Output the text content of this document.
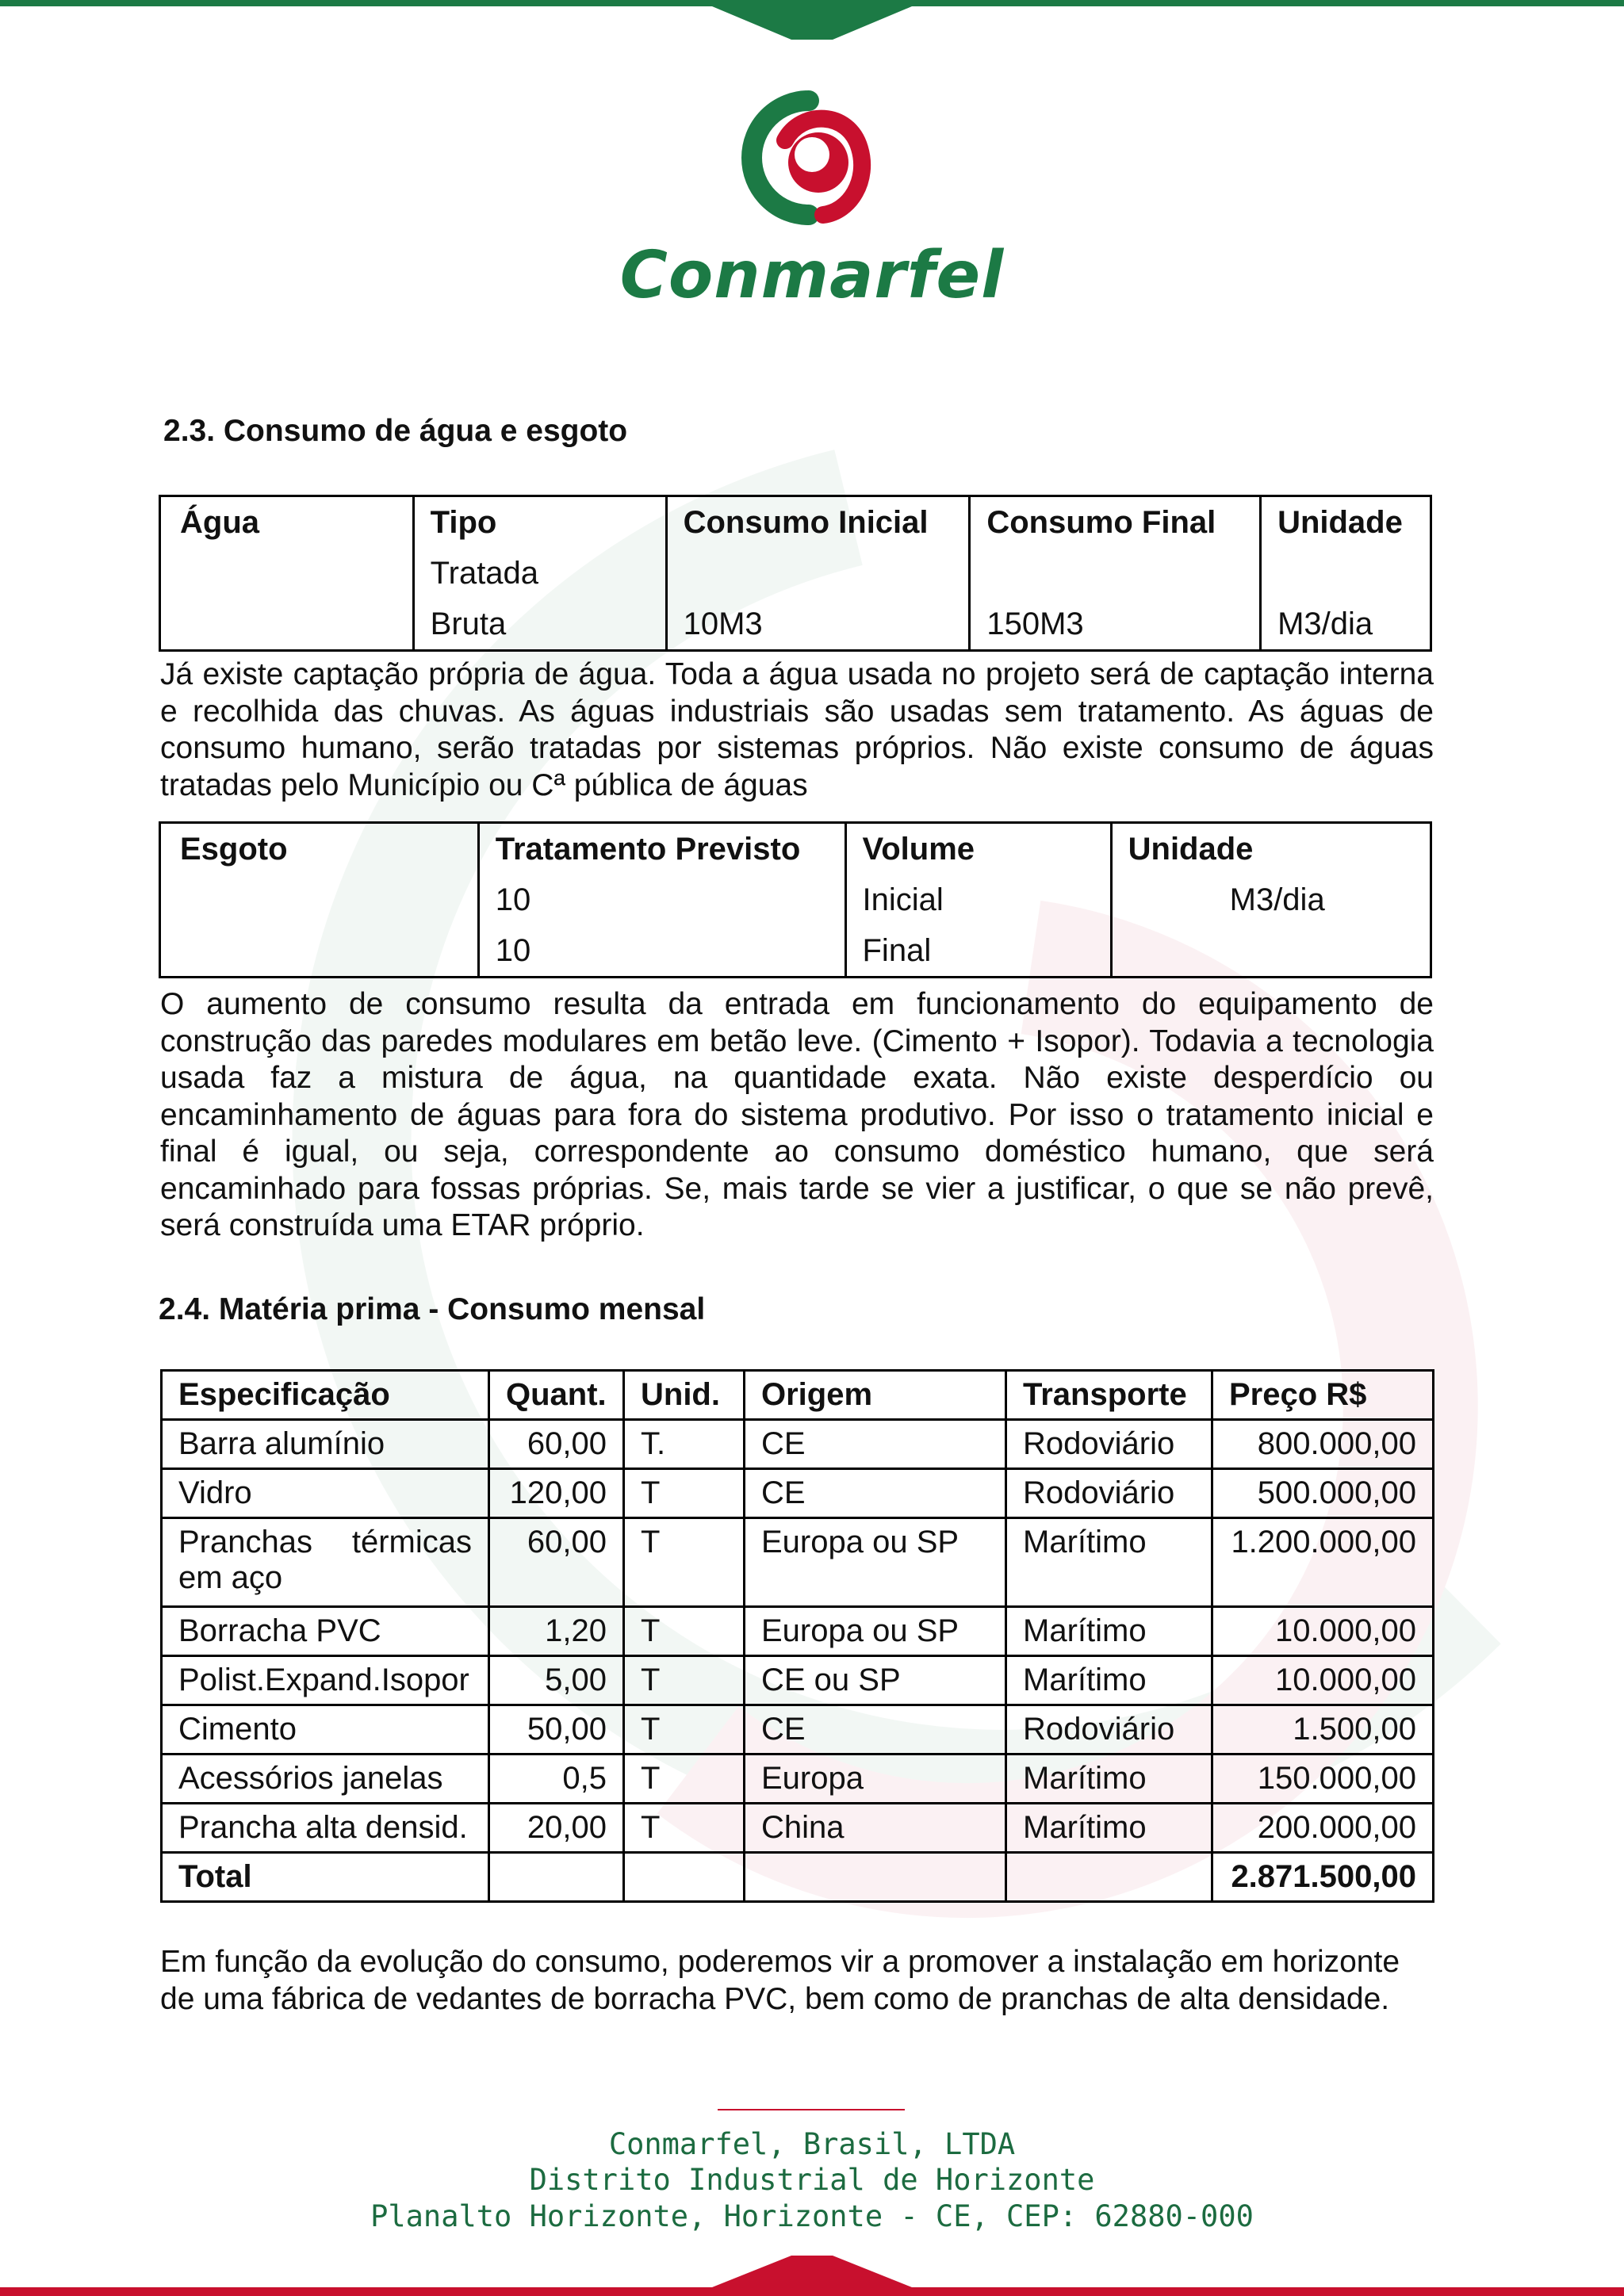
Conmarfel
2.3. Consumo de água e esgoto
Água	Tipo	Consumo Inicial	Consumo Final	Unidade
	Tratada			
	Bruta	10M3	150M3	M3/dia
Já existe captação própria de água. Toda a água usada no projeto será de captação interna e recolhida das chuvas. As águas industriais são usadas sem tratamento. As águas de consumo humano, serão tratadas por sistemas próprios. Não existe consumo de águas tratadas pelo Município ou Cª pública de águas
Esgoto	Tratamento Previsto	Volume	Unidade
	10	Inicial	M3/dia
	10	Final	
O aumento de consumo resulta da entrada em funcionamento do equipamento de construção das paredes modulares em betão leve. (Cimento + Isopor). Todavia a tecnologia usada faz a mistura de água, na quantidade exata. Não existe desperdício ou encaminhamento de águas para fora do sistema produtivo. Por isso o tratamento inicial e final é igual, ou seja, correspondente ao consumo doméstico humano, que será encaminhado para fossas próprias. Se, mais tarde se vier a justificar, o que se não prevê, será construída uma ETAR próprio.
2.4. Matéria prima - Consumo mensal
Especificação	Quant.	Unid.	Origem	Transporte	Preço R$
Barra alumínio	60,00	T.	CE	Rodoviário	800.000,00
Vidro	120,00	T	CE	Rodoviário	500.000,00
Pranchas térmicas em aço	60,00	T	Europa ou SP	Marítimo	1.200.000,00
Borracha PVC	1,20	T	Europa ou SP	Marítimo	10.000,00
Polist.Expand.Isopor	5,00	T	CE ou SP	Marítimo	10.000,00
Cimento	50,00	T	CE	Rodoviário	1.500,00
Acessórios janelas	0,5	T	Europa	Marítimo	150.000,00
Prancha alta densid.	20,00	T	China	Marítimo	200.000,00
Total					2.871.500,00
Em função da evolução do consumo, poderemos vir a promover a instalação em horizonte de uma fábrica de vedantes de borracha PVC, bem como de pranchas de alta densidade.
Conmarfel, Brasil, LTDA
Distrito Industrial de Horizonte
Planalto Horizonte, Horizonte - CE, CEP: 62880-000
